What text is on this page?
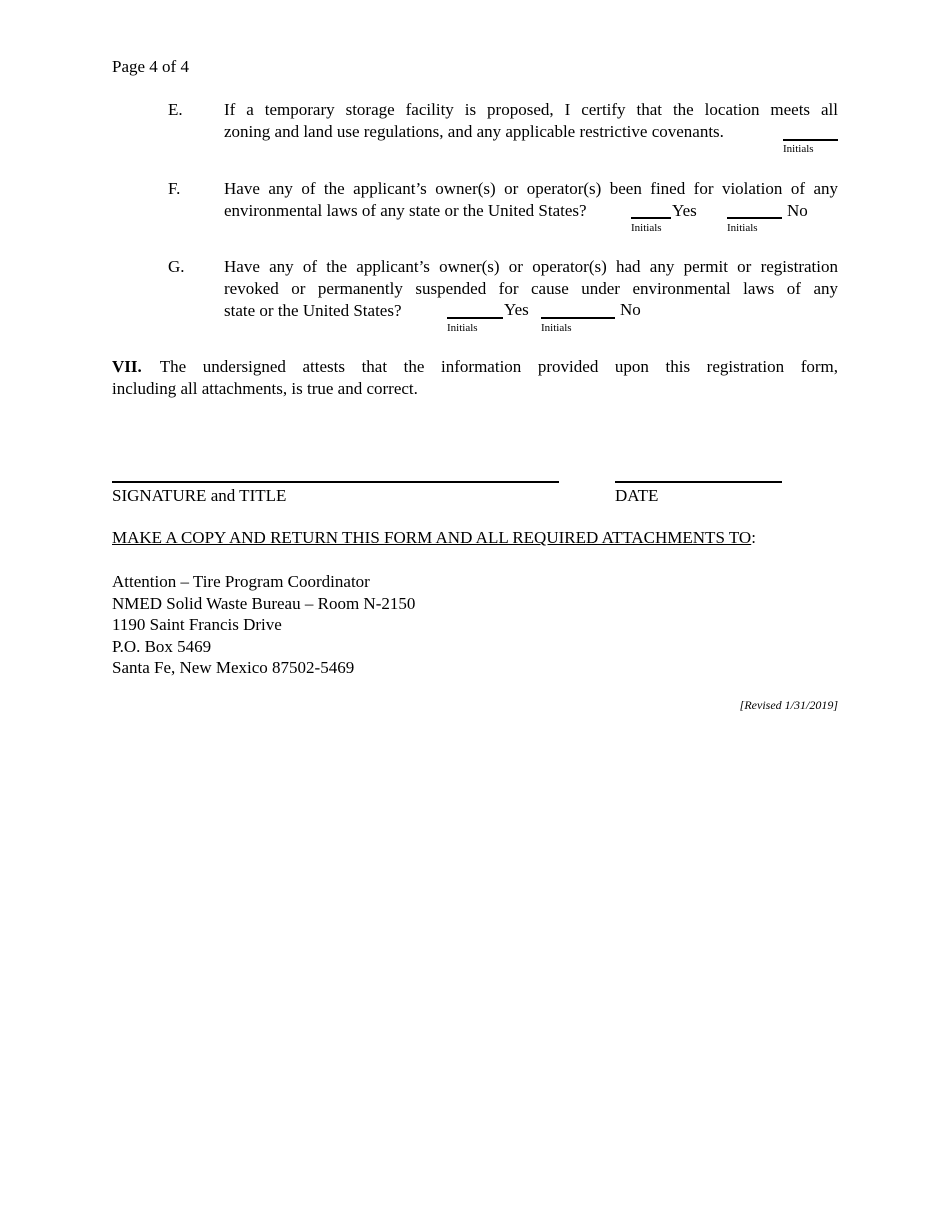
Page 4 of 4
E. If a temporary storage facility is proposed, I certify that the location meets all
zoning and land use regulations, and any applicable restrictive covenants.
Initials
F.	Have any of the applicant’s owner(s) or operator(s) been fined for violation of any
environmental laws of any state or the United States?	Yes
Initials
No
Initials
G. Have any of the applicant’s owner(s) or operator(s) had any permit or registration
revoked or permanently suspended for cause under environmental laws of any
state or the United States?	Yes
Initials
No
Initials
VII. The undersigned attests that the information provided upon this registration form,
including all attachments, is true and correct.
SIGNATURE and TITLE	DATE
MAKE A COPY AND RETURN THIS FORM AND ALL REQUIRED ATTACHMENTS TO:
Attention – Tire Program Coordinator
NMED Solid Waste Bureau – Room N-2150
1190 Saint Francis Drive
P.O. Box 5469
Santa Fe, New Mexico 87502-5469
[Revised 1/31/2019]
